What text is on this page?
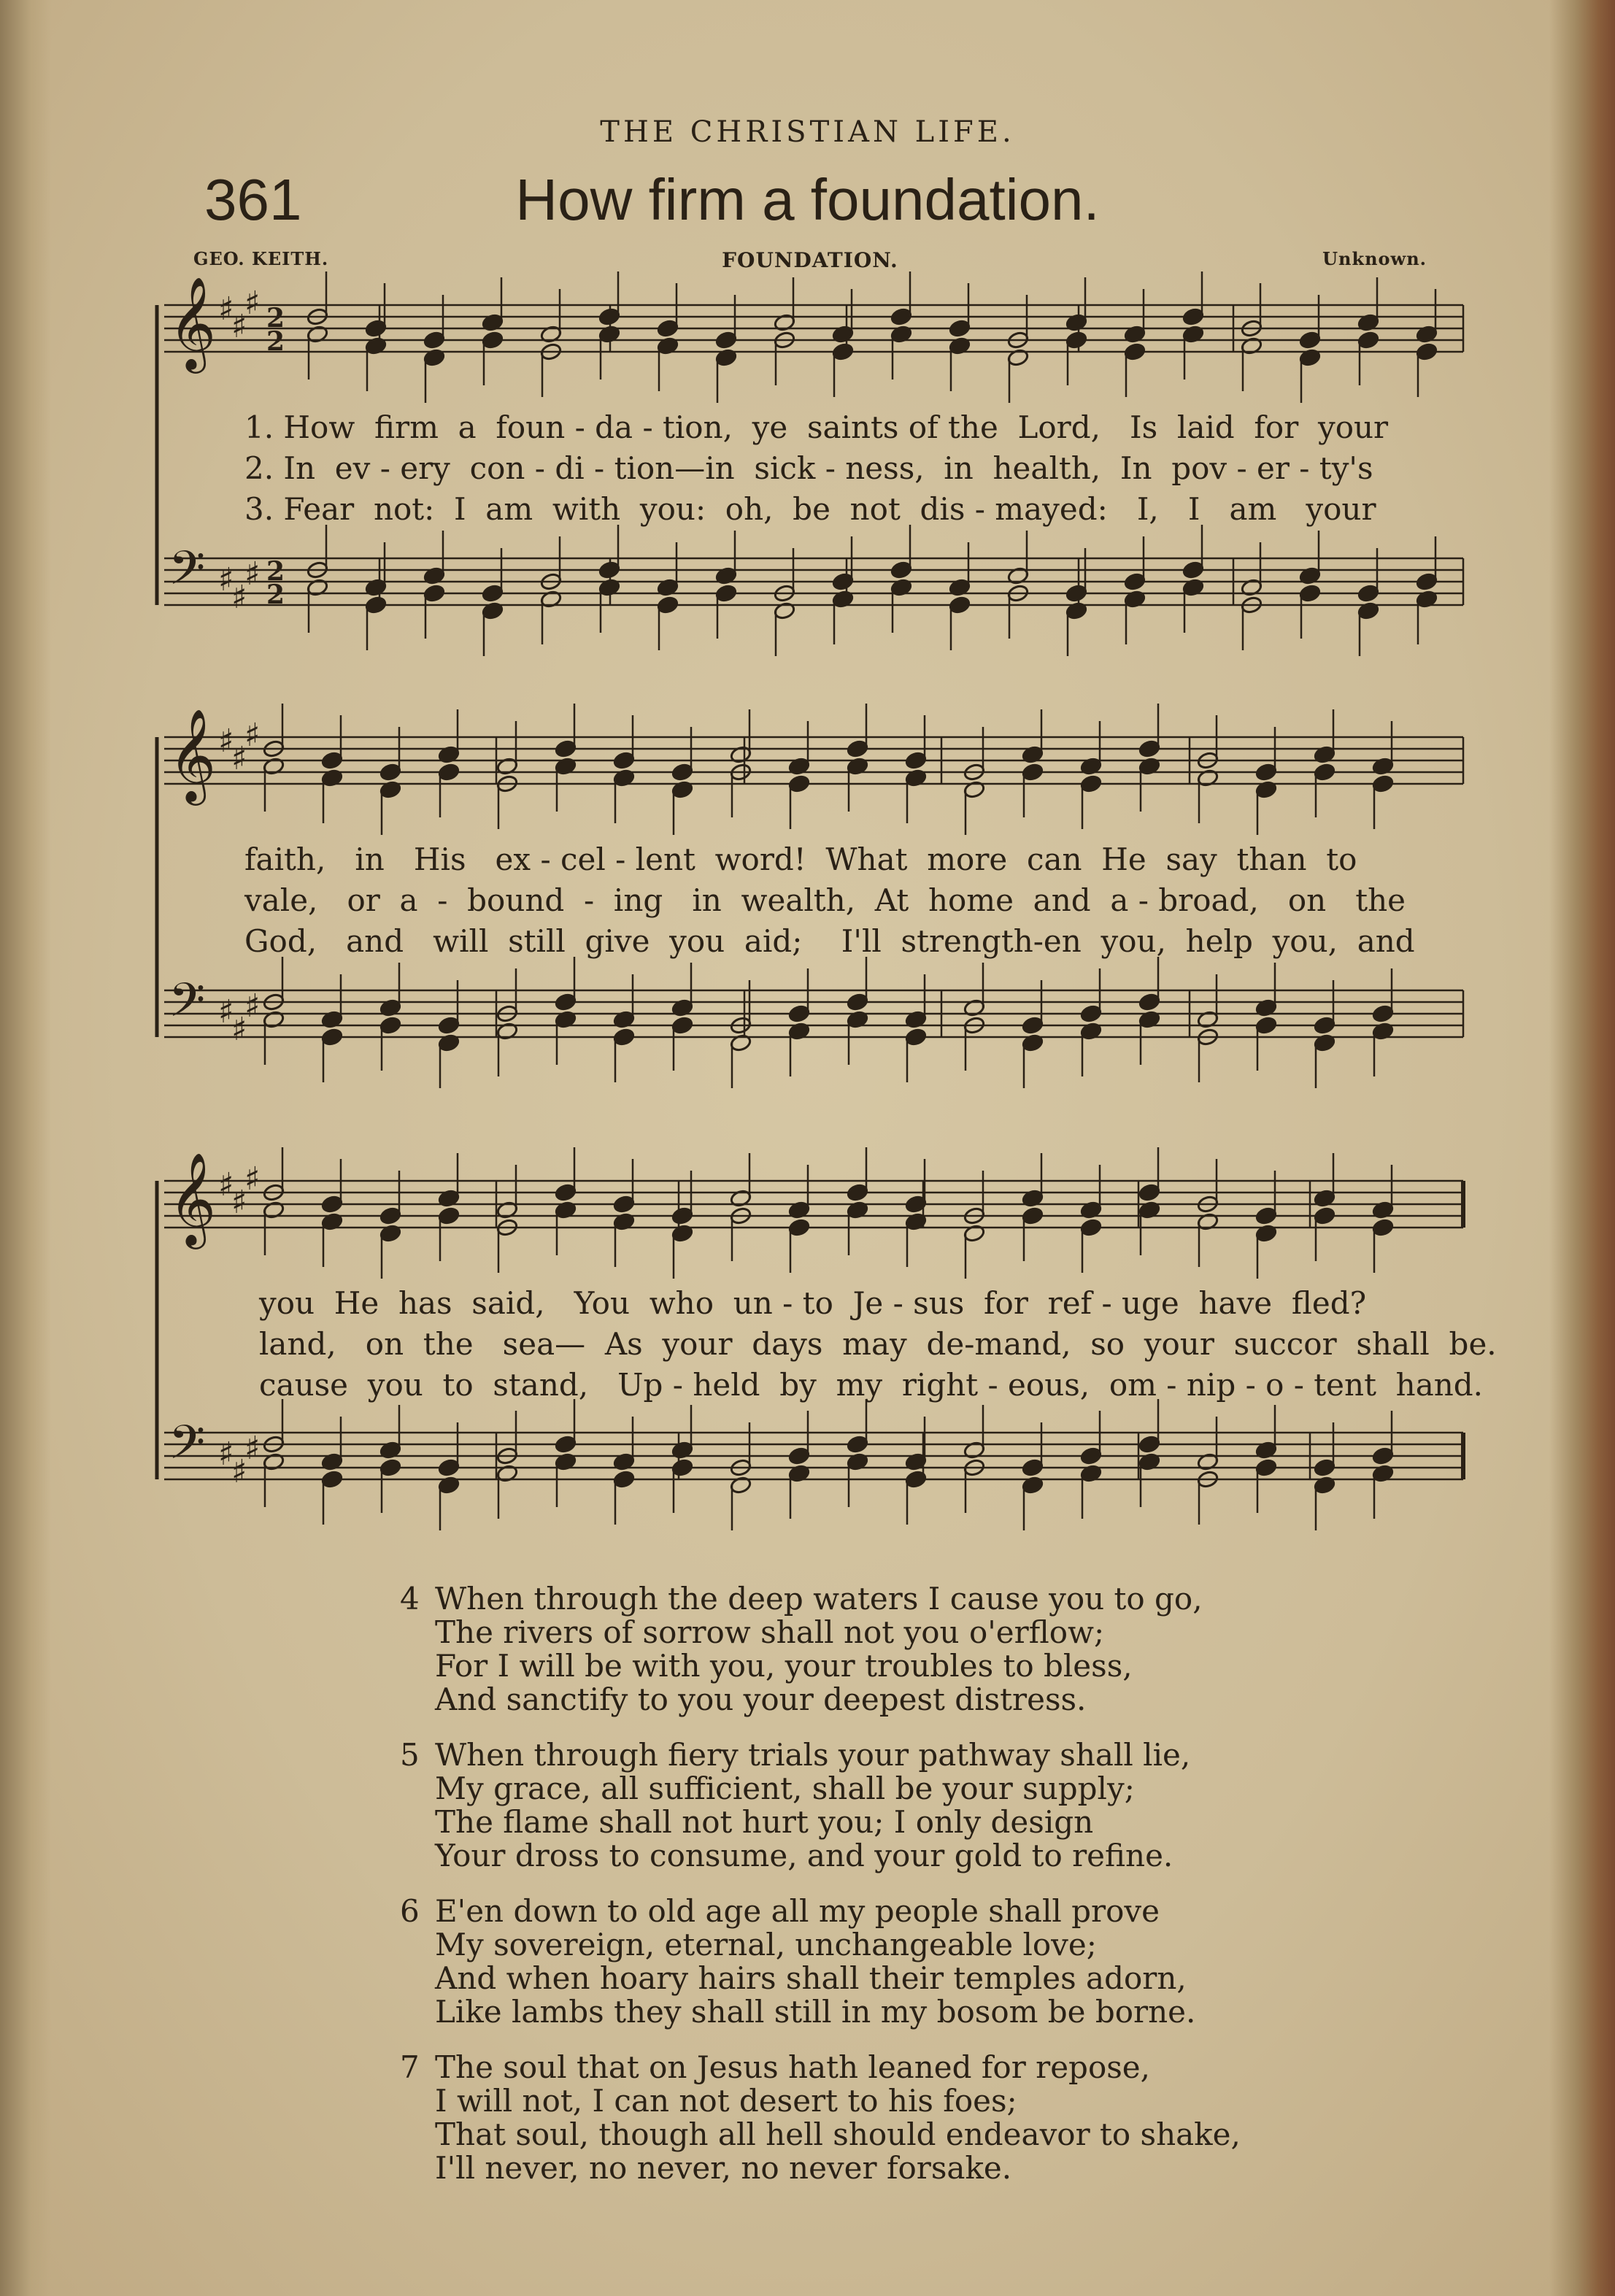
THE CHRISTIAN LIFE.
361	How firm a foundation.
GEO. KEITH.	FOUNDATION.	Unknown.
𝄞 ♯
♯
♯ 2
2
𝄢 ♯
♯
♯ 2
2
𝄞 ♯
♯
♯
𝄢 ♯
♯
♯
𝄞 ♯
♯
♯
𝄢 ♯
♯
♯
1. How  firm  a  foun - da - tion,  ye  saints of the  Lord,   Is  laid  for  your
2. In  ev - ery  con - di - tion—in  sick - ness,  in  health,  In  pov - er - ty's
3. Fear  not:  I  am  with  you:  oh,  be  not  dis - mayed:   I,   I   am   your
faith,   in   His   ex - cel - lent  word!  What  more  can  He  say  than  to
vale,   or  a  -  bound  -  ing   in  wealth,  At  home  and  a - broad,   on   the
God,   and   will  still  give  you  aid;    I'll  strength-en  you,  help  you,  and
you  He  has  said,   You  who  un - to  Je - sus  for  ref - uge  have  fled?
land,   on  the   sea—  As  your  days  may  de-mand,  so  your  succor  shall  be.
cause  you  to  stand,   Up - held  by  my  right - eous,  om - nip - o - tent  hand.
4 When through the deep waters I cause you to go,
The rivers of sorrow shall not you o'erflow;
For I will be with you, your troubles to bless,
And sanctify to you your deepest distress.
5 When through fiery trials your pathway shall lie,
My grace, all sufficient, shall be your supply;
The flame shall not hurt you; I only design
Your dross to consume, and your gold to refine.
6 E'en down to old age all my people shall prove
My sovereign, eternal, unchangeable love;
And when hoary hairs shall their temples adorn,
Like lambs they shall still in my bosom be borne.
7 The soul that on Jesus hath leaned for repose,
I will not, I can not desert to his foes;
That soul, though all hell should endeavor to shake,
I'll never, no never, no never forsake.
